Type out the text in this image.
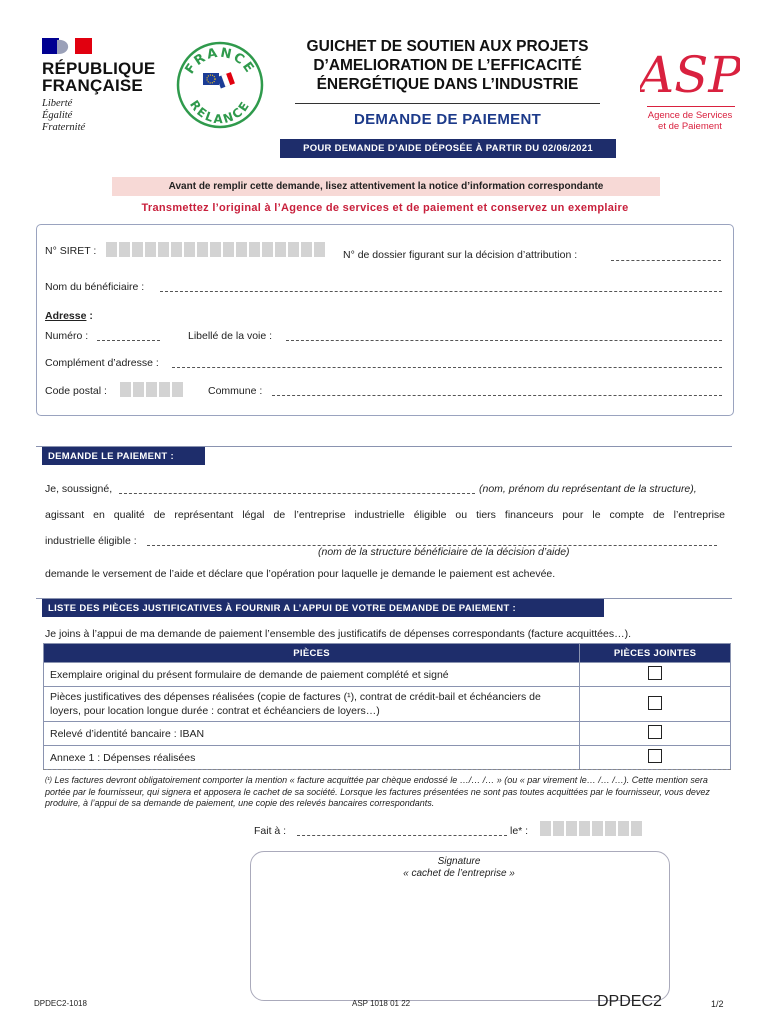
RÉPUBLIQUE
FRANÇAISE
Liberté
Égalité
Fraternité
FRANCE
RELANCE
GUICHET DE SOUTIEN AUX PROJETS
D’AMELIORATION DE L’EFFICACITÉ
ÉNERGÉTIQUE DANS L’INDUSTRIE
DEMANDE DE PAIEMENT
POUR DEMANDE D’AIDE DÉPOSÉE À PARTIR DU 02/06/2021
ASP
Agence de Services
et de Paiement
Avant de remplir cette demande, lisez attentivement la notice d’information correspondante
Transmettez l’original à l’Agence de services et de paiement et conservez un exemplaire
N° SIRET :	N° de dossier figurant sur la décision d’attribution :
Nom du bénéficiaire :
Adresse :
Numéro :	Libellé de la voie :
Complément d’adresse :
Code postal :	Commune :
DEMANDE LE PAIEMENT :
Je, soussigné,	(nom, prénom du représentant de la structure),
agissant en qualité de représentant légal de l’entreprise industrielle éligible ou tiers financeurs pour le compte de l’entreprise
industrielle éligible :
(nom de la structure bénéficiaire de la décision d’aide)
demande le versement de l’aide et déclare que l’opération pour laquelle je demande le paiement est achevée.
LISTE DES PIÈCES JUSTIFICATIVES À FOURNIR A L’APPUI DE VOTRE DEMANDE DE PAIEMENT :
Je joins à l’appui de ma demande de paiement l’ensemble des justificatifs de dépenses correspondants (facture acquittées…).
PIÈCES	PIÈCES JOINTES
Exemplaire original du présent formulaire de demande de paiement complété et signé	
Pièces justificatives des dépenses réalisées (copie de factures (¹), contrat de crédit-bail et échéanciers de loyers, pour location longue durée : contrat et échéanciers de loyers…)	
Relevé d’identité bancaire : IBAN	
Annexe 1 : Dépenses réalisées	
$^{(^1)}$ Les factures devront obligatoirement comporter la mention « facture acquittée par chèque endossé le …/… /… » (ou « par virement le… /… /…). Cette mention sera portée par le fournisseur, qui signera et apposera le cachet de sa société. Lorsque les factures présentées ne sont pas toutes acquittées par le fournisseur, vous devez produire, à l’appui de sa demande de paiement, une copie des relevés bancaires correspondants.
Fait à :	le* :
Signature
« cachet de l’entreprise »
DPDEC2-1018	ASP 1018 01 22	DPDEC2	1/2
